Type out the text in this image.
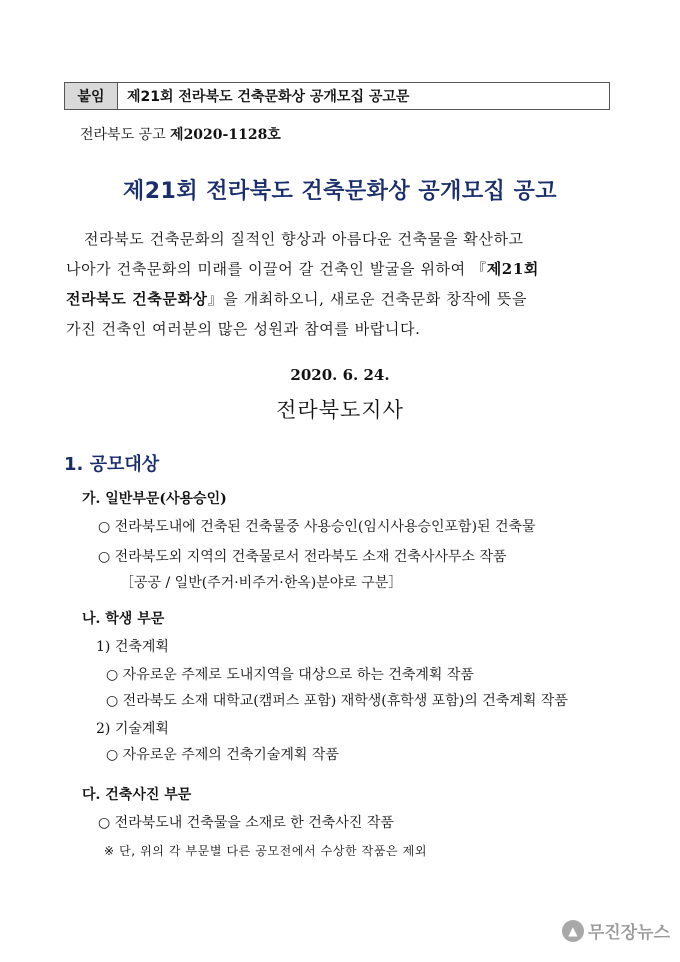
붙임	제21회 전라북도 건축문화상 공개모집 공고문
전라북도 공고 제2020-1128호
제21회 전라북도 건축문화상 공개모집 공고
전라북도 건축문화의 질적인 향상과 아름다운 건축물을 확산하고
나아가 건축문화의 미래를 이끌어 갈 건축인 발굴을 위하여 『제21회
전라북도 건축문화상』을 개최하오니, 새로운 건축문화 창작에 뜻을
가진 건축인 여러분의 많은 성원과 참여를 바랍니다.
2020. 6. 24.
전라북도지사
1. 공모대상
가. 일반부문(사용승인)
○ 전라북도내에 건축된 건축물중 사용승인(임시사용승인포함)된 건축물
○ 전라북도외 지역의 건축물로서 전라북도 소재 건축사사무소 작품
［공공 / 일반(주거·비주거·한옥)분야로 구분］
나. 학생 부문
1) 건축계획
○ 자유로운 주제로 도내지역을 대상으로 하는 건축계획 작품
○ 전라북도 소재 대학교(캠퍼스 포함) 재학생(휴학생 포함)의 건축계획 작품
2) 기술계획
○ 자유로운 주제의 건축기술계획 작품
다. 건축사진 부문
○ 전라북도내 건축물을 소재로 한 건축사진 작품
※ 단, 위의 각 부문별 다른 공모전에서 수상한 작품은 제외
▲ 무진장뉴스
